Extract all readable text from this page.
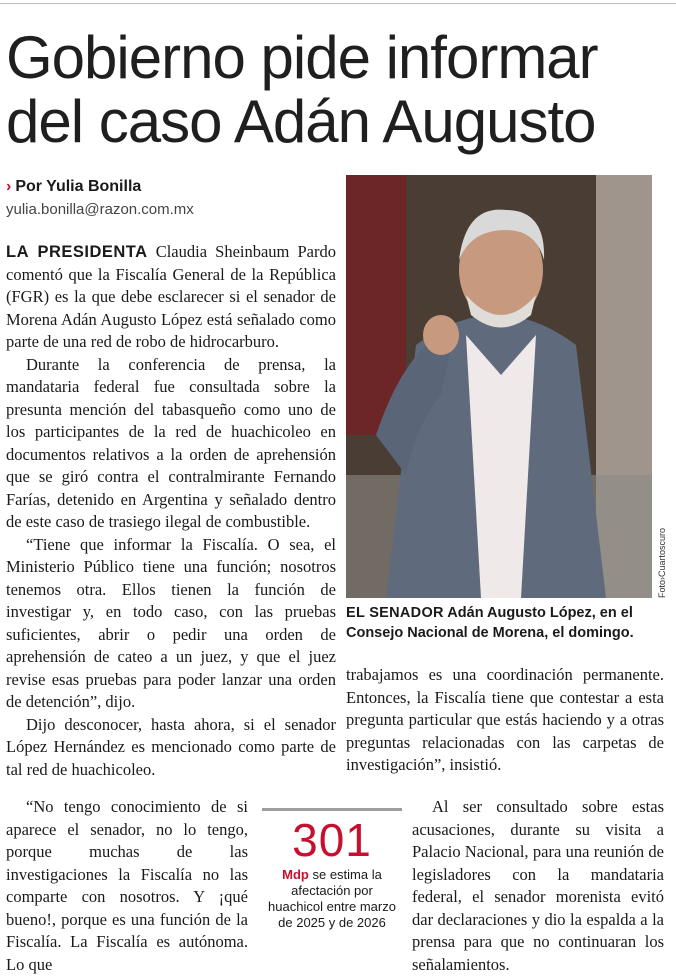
Gobierno pide informar del caso Adán Augusto
› Por Yulia Bonilla
yulia.bonilla@razon.com.mx

LA PRESIDENTA Claudia Sheinbaum Pardo comentó que la Fiscalía General de la República (FGR) es la que debe esclarecer si el senador de Morena Adán Augusto López está señalado como parte de una red de robo de hidrocarburo.

Durante la conferencia de prensa, la mandataria federal fue consultada sobre la presunta mención del tabasqueño como uno de los participantes de la red de huachicoleo en documentos relativos a la orden de aprehensión que se giró contra el contralmirante Fernando Farías, detenido en Argentina y señalado dentro de este caso de trasiego ilegal de combustible.

“Tiene que informar la Fiscalía. O sea, el Ministerio Público tiene una función; nosotros tenemos otra. Ellos tienen la función de investigar y, en todo caso, con las pruebas suficientes, abrir o pedir una orden de aprehensión de cateo a un juez, y que el juez revise esas pruebas para poder lanzar una orden de detención”, dijo.

Dijo desconocer, hasta ahora, si el senador López Hernández es mencionado como parte de tal red de huachicoleo.

“No tengo conocimiento de si aparece el senador, no lo tengo, porque muchas de las investigaciones la Fiscalía no las comparte con nosotros. Y ¡qué bueno!, porque es una función de la Fiscalía. La Fiscalía es autónoma. Lo que

Foto›Cuartoscuro
EL SENADOR Adán Augusto López, en el Consejo Nacional de Morena, el domingo.

trabajamos es una coordinación permanente. Entonces, la Fiscalía tiene que contestar a esta pregunta particular que estás haciendo y a otras preguntas relacionadas con las carpetas de investigación”, insistió.

Al ser consultado sobre estas acusaciones, durante su visita a Palacio Nacional, para una reunión de legisladores con la mandataria federal, el senador morenista evitó dar declaraciones y dio la espalda a la prensa para que no continuaran los señalamientos.

301
Mdp se estima la afectación por huachicol entre marzo de 2025 y de 2026
